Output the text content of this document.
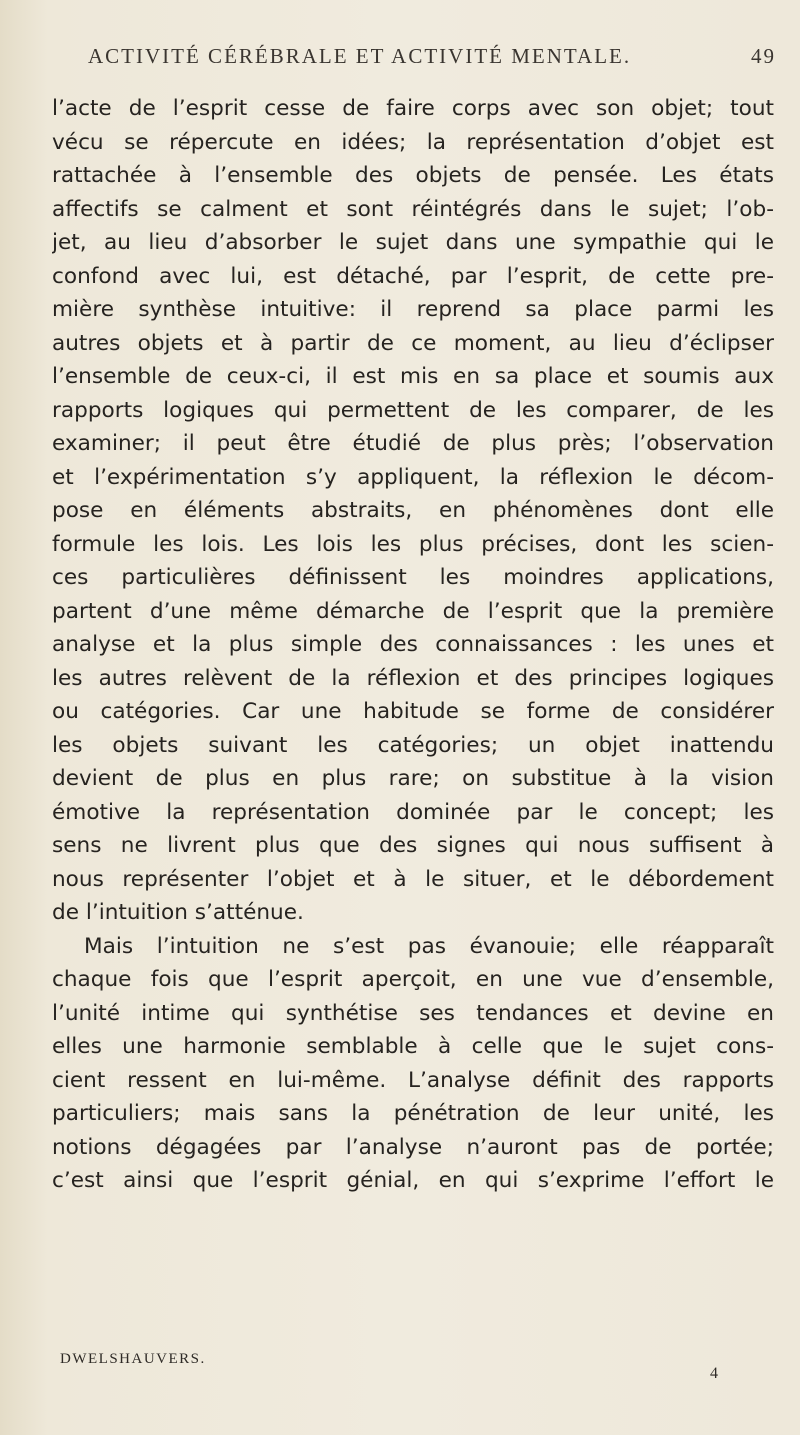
ACTIVITÉ CÉRÉBRALE ET ACTIVITÉ MENTALE.	49
l’acte de l’esprit cesse de faire corps avec son objet; tout
vécu se répercute en idées; la représentation d’objet est
rattachée à l’ensemble des objets de pensée. Les états
affectifs se calment et sont réintégrés dans le sujet; l’ob-
jet, au lieu d’absorber le sujet dans une sympathie qui le
confond avec lui, est détaché, par l’esprit, de cette pre-
mière synthèse intuitive: il reprend sa place parmi les
autres objets et à partir de ce moment, au lieu d’éclipser
l’ensemble de ceux-ci, il est mis en sa place et soumis aux
rapports logiques qui permettent de les comparer, de les
examiner; il peut être étudié de plus près; l’observation
et l’expérimentation s’y appliquent, la réflexion le décom-
pose en éléments abstraits, en phénomènes dont elle
formule les lois. Les lois les plus précises, dont les scien-
ces particulières définissent les moindres applications,
partent d’une même démarche de l’esprit que la première
analyse et la plus simple des connaissances : les unes et
les autres relèvent de la réflexion et des principes logiques
ou catégories. Car une habitude se forme de considérer
les objets suivant les catégories; un objet inattendu
devient de plus en plus rare; on substitue à la vision
émotive la représentation dominée par le concept; les
sens ne livrent plus que des signes qui nous suffisent à
nous représenter l’objet et à le situer, et le débordement
de l’intuition s’atténue.
Mais l’intuition ne s’est pas évanouie; elle réapparaît
chaque fois que l’esprit aperçoit, en une vue d’ensemble,
l’unité intime qui synthétise ses tendances et devine en
elles une harmonie semblable à celle que le sujet cons-
cient ressent en lui-même. L’analyse définit des rapports
particuliers; mais sans la pénétration de leur unité, les
notions dégagées par l’analyse n’auront pas de portée;
c’est ainsi que l’esprit génial, en qui s’exprime l’effort le
DWELSHAUVERS.
4
